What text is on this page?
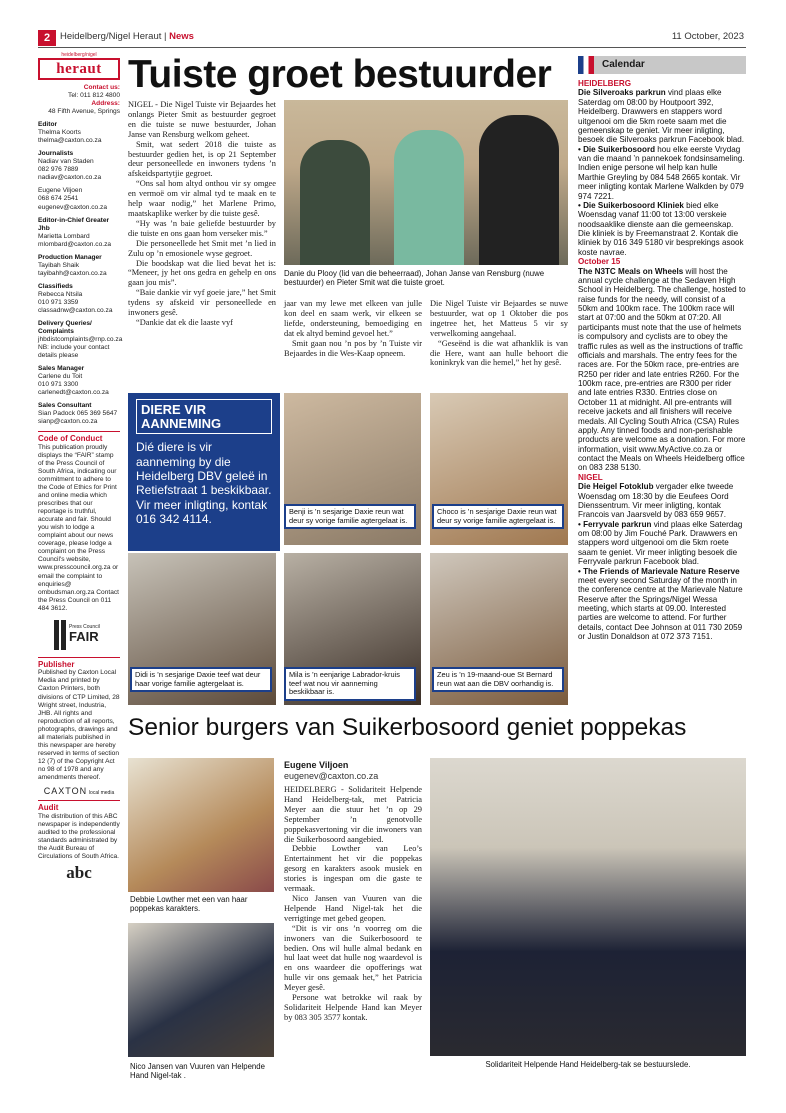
2	Heidelberg/Nigel Heraut | News	11 October, 2023
heidelberg/nigel
heraut
Contact us:
Tel: 011 812 4800
Address:
48 Fifth Avenue, Springs
Editor
Thelma Koorts
thelma@caxton.co.za
Journalists
Nadiav van Staden
082 976 7889
nadiav@caxton.co.za
Eugene Viljoen
068 674 2541
eugenev@caxton.co.za
Editor-in-Chief Greater Jhb
Marietta Lombard
mlombard@caxton.co.za
Production Manager
Tayibah Shaik
tayibahh@caxton.co.za
Classifieds
Rebecca Ntsila
010 971 3359
classadnw@caxton.co.za
Delivery Queries/ Complaints
jhbdistcomplaints@rnp.co.za
NB: include your contact details please
Sales Manager
Carlene du Toit
010 971 3300
carlenedt@caxton.co.za
Sales Consultant
Sian Padock 065 369 5647
sianp@caxton.co.za
Code of Conduct
This publication proudly displays the “FAIR” stamp of the Press Council of South Africa, indicating our commitment to adhere to the Code of Ethics for Print and online media which prescribes that our reportage is truthful, accurate and fair. Should you wish to lodge a complaint about our news coverage, please lodge a complaint on the Press Council's website, www.presscouncil.org.za or email the complaint to enquiries@ ombudsman.org.za Contact the Press Council on 011 484 3612.
Press Council
FAIR
Publisher
Published by Caxton Local Media and printed by Caxton Printers, both divisions of CTP Limited, 28 Wright street, Industria, JHB. All rights and reproduction of all reports, photographs, drawings and all materials published in this newspaper are hereby reserved in terms of section 12 (7) of the Copyright Act no 98 of 1978 and any amendments thereof.
CAXTON local media
Audit
The distribution of this ABC newspaper is independently audited to the professional standards administrated by the Audit Bureau of Circulations of South Africa.
abc
Tuiste groet bestuurder

NIGEL - Die Nigel Tuiste vir Bejaardes het onlangs Pieter Smit as bestuurder gegroet en die tuiste se nuwe bestuurder, Johan Janse van Rensburg welkom geheet.

Smit, wat sedert 2018 die tuiste as bestuurder gedien het, is op 21 September deur personeellede en inwoners tydens ’n afskeidspartytjie gegroet.

“Ons sal hom altyd onthou vir sy omgee en vermoë om vir almal tyd te maak en te help waar nodig,” het Marlene Primo, maatskaplike werker by die tuiste gesê.

“Hy was ’n baie geliefde bestuurder by die tuiste en ons gaan hom verseker mis.”

Die personeellede het Smit met ’n lied in Zulu op ’n emosionele wyse gegroet.

Die boodskap wat die lied bevat het is: “Meneer, jy het ons gedra en gehelp en ons gaan jou mis”.

“Baie dankie vir vyf goeie jare,” het Smit tydens sy afskeid vir personeellede en inwoners gesê.

“Dankie dat ek die laaste vyf

Danie du Plooy (lid van die beheerraad), Johan Janse van Rensburg (nuwe bestuurder) en Pieter Smit wat die tuiste groet.

jaar van my lewe met elkeen van julle kon deel en saam werk, vir elkeen se liefde, ondersteuning, bemoediging en dat ek altyd bemind gevoel het.”

Smit gaan nou ’n pos by ’n Tuiste vir Bejaardes in die Wes-Kaap opneem.

Die Nigel Tuiste vir Bejaardes se nuwe bestuurder, wat op 1 Oktober die pos ingetree het, het Matteus 5 vir sy verwelkoming aangehaal.

“Geseënd is die wat afhanklik is van die Here, want aan hulle behoort die koninkryk van die hemel,” het hy gesê.

DIERE VIR AANNEMING
Dié diere is vir aanneming by die Heidelberg DBV geleë in Retiefstraat 1 beskikbaar. Vir meer inligting, kontak 016 342 4114.
Benji is ’n sesjarige Daxie reun wat deur sy vorige familie agtergelaat is.
Choco is ’n sesjarige Daxie reun wat deur sy vorige familie agtergelaat is.
Didi is ’n sesjarige Daxie teef wat deur haar vorige familie agtergelaat is.
Mila is ’n eenjarige Labrador-kruis teef wat nou vir aanneming beskikbaar is.
Zeu is ’n 19-maand-oue St Bernard reun wat aan die DBV oorhandig is.
Calendar
HEIDELBERG
Die Silveroaks parkrun vind plaas elke Saterdag om 08:00 by Houtpoort 392, Heidelberg. Drawwers en stappers word uitgenooi om die 5km roete saam met die gemeenskap te geniet. Vir meer inligting, besoek die Silveroaks parkrun Facebook blad.
• Die Suikerbosoord hou elke eerste Vrydag van die maand ’n pannekoek fondsinsameling. Indien enige persone wil help kan hulle Marthie Greyling by 084 548 2665 kontak. Vir meer inligting kontak Marlene Walkden by 079 974 7221.
• Die Suikerbosoord Kliniek bied elke Woensdag vanaf 11:00 tot 13:00 verskeie noodsaaklike dienste aan die gemeenskap. Die kliniek is by Freemanstraat 2. Kontak die kliniek by 016 349 5180 vir besprekings asook koste navrae.
October 15
The N3TC Meals on Wheels will host the annual cycle challenge at the Sedaven High School in Heidelberg. The challenge, hosted to raise funds for the needy, will consist of a 50km and 100km race. The 100km race will start at 07:00 and the 50km at 07:20. All participants must note that the use of helmets is compulsory and cyclists are to obey the traffic rules as well as the instructions of traffic officials and marshals. The entry fees for the races are. For the 50km race, pre-entries are R250 per rider and late entries R260. For the 100km race, pre-entries are R300 per rider and late entries R330. Entries close on October 11 at midnight. All pre-entrants will receive jackets and all finishers will receive medals. All Cycling South Africa (CSA) Rules apply. Any tinned foods and non-perishable products are welcome as a donation. For more information, visit www.MyActive.co.za or contact the Meals on Wheels Heidelberg office on 083 238 5130.
NIGEL
Die Heigel Fotoklub vergader elke tweede Woensdag om 18:30 by die Eeufees Oord Dienssentrum. Vir meer inligting, kontak Francois van Jaarsveld by 083 659 9657.
• Ferryvale parkrun vind plaas elke Saterdag om 08:00 by Jim Fouché Park. Drawwers en stappers word uitgenooi om die 5km roete saam te geniet. Vir meer inligting besoek die Ferryvale parkrun Facebook blad.
• The Friends of Marievale Nature Reserve meet every second Saturday of the month in the conference centre at the Marievale Nature Reserve after the Springs/Nigel Wessa meeting, which starts at 09.00. Interested parties are welcome to attend. For further details, contact Dee Johnson at 011 730 2059 or Justin Donaldson at 072 373 7151.
Senior burgers van Suikerbosoord geniet poppekas
Debbie Lowther met een van haar poppekas karakters.
Nico Jansen van Vuuren van Helpende Hand Nigel-tak .
Eugene Viljoen
eugenev@caxton.co.za

HEIDELBERG - Solidariteit Helpende Hand Heidelberg-tak, met Patricia Meyer aan die stuur het ’n op 29 September ’n genotvolle poppekasvertoning vir die inwoners van die Suikerbosoord aangebied.

Debbie Lowther van Leo’s Entertainment het vir die poppekas gesorg en karakters asook musiek en stories is ingespan om die gaste te vermaak.

Nico Jansen van Vuuren van die Helpende Hand Nigel-tak het die verrigtinge met gebed geopen.

“Dit is vir ons ’n voorreg om die inwoners van die Suikerbosoord te bedien. Ons wil hulle almal bedank en hul laat weet dat hulle nog waardevol is en ons waardeer die opofferings wat hulle vir ons gemaak het,” het Patricia Meyer gesê.

Persone wat betrokke wil raak by Solidariteit Helpende Hand kan Meyer by 083 305 3577 kontak.

Solidariteit Helpende Hand Heidelberg-tak se bestuurslede.
